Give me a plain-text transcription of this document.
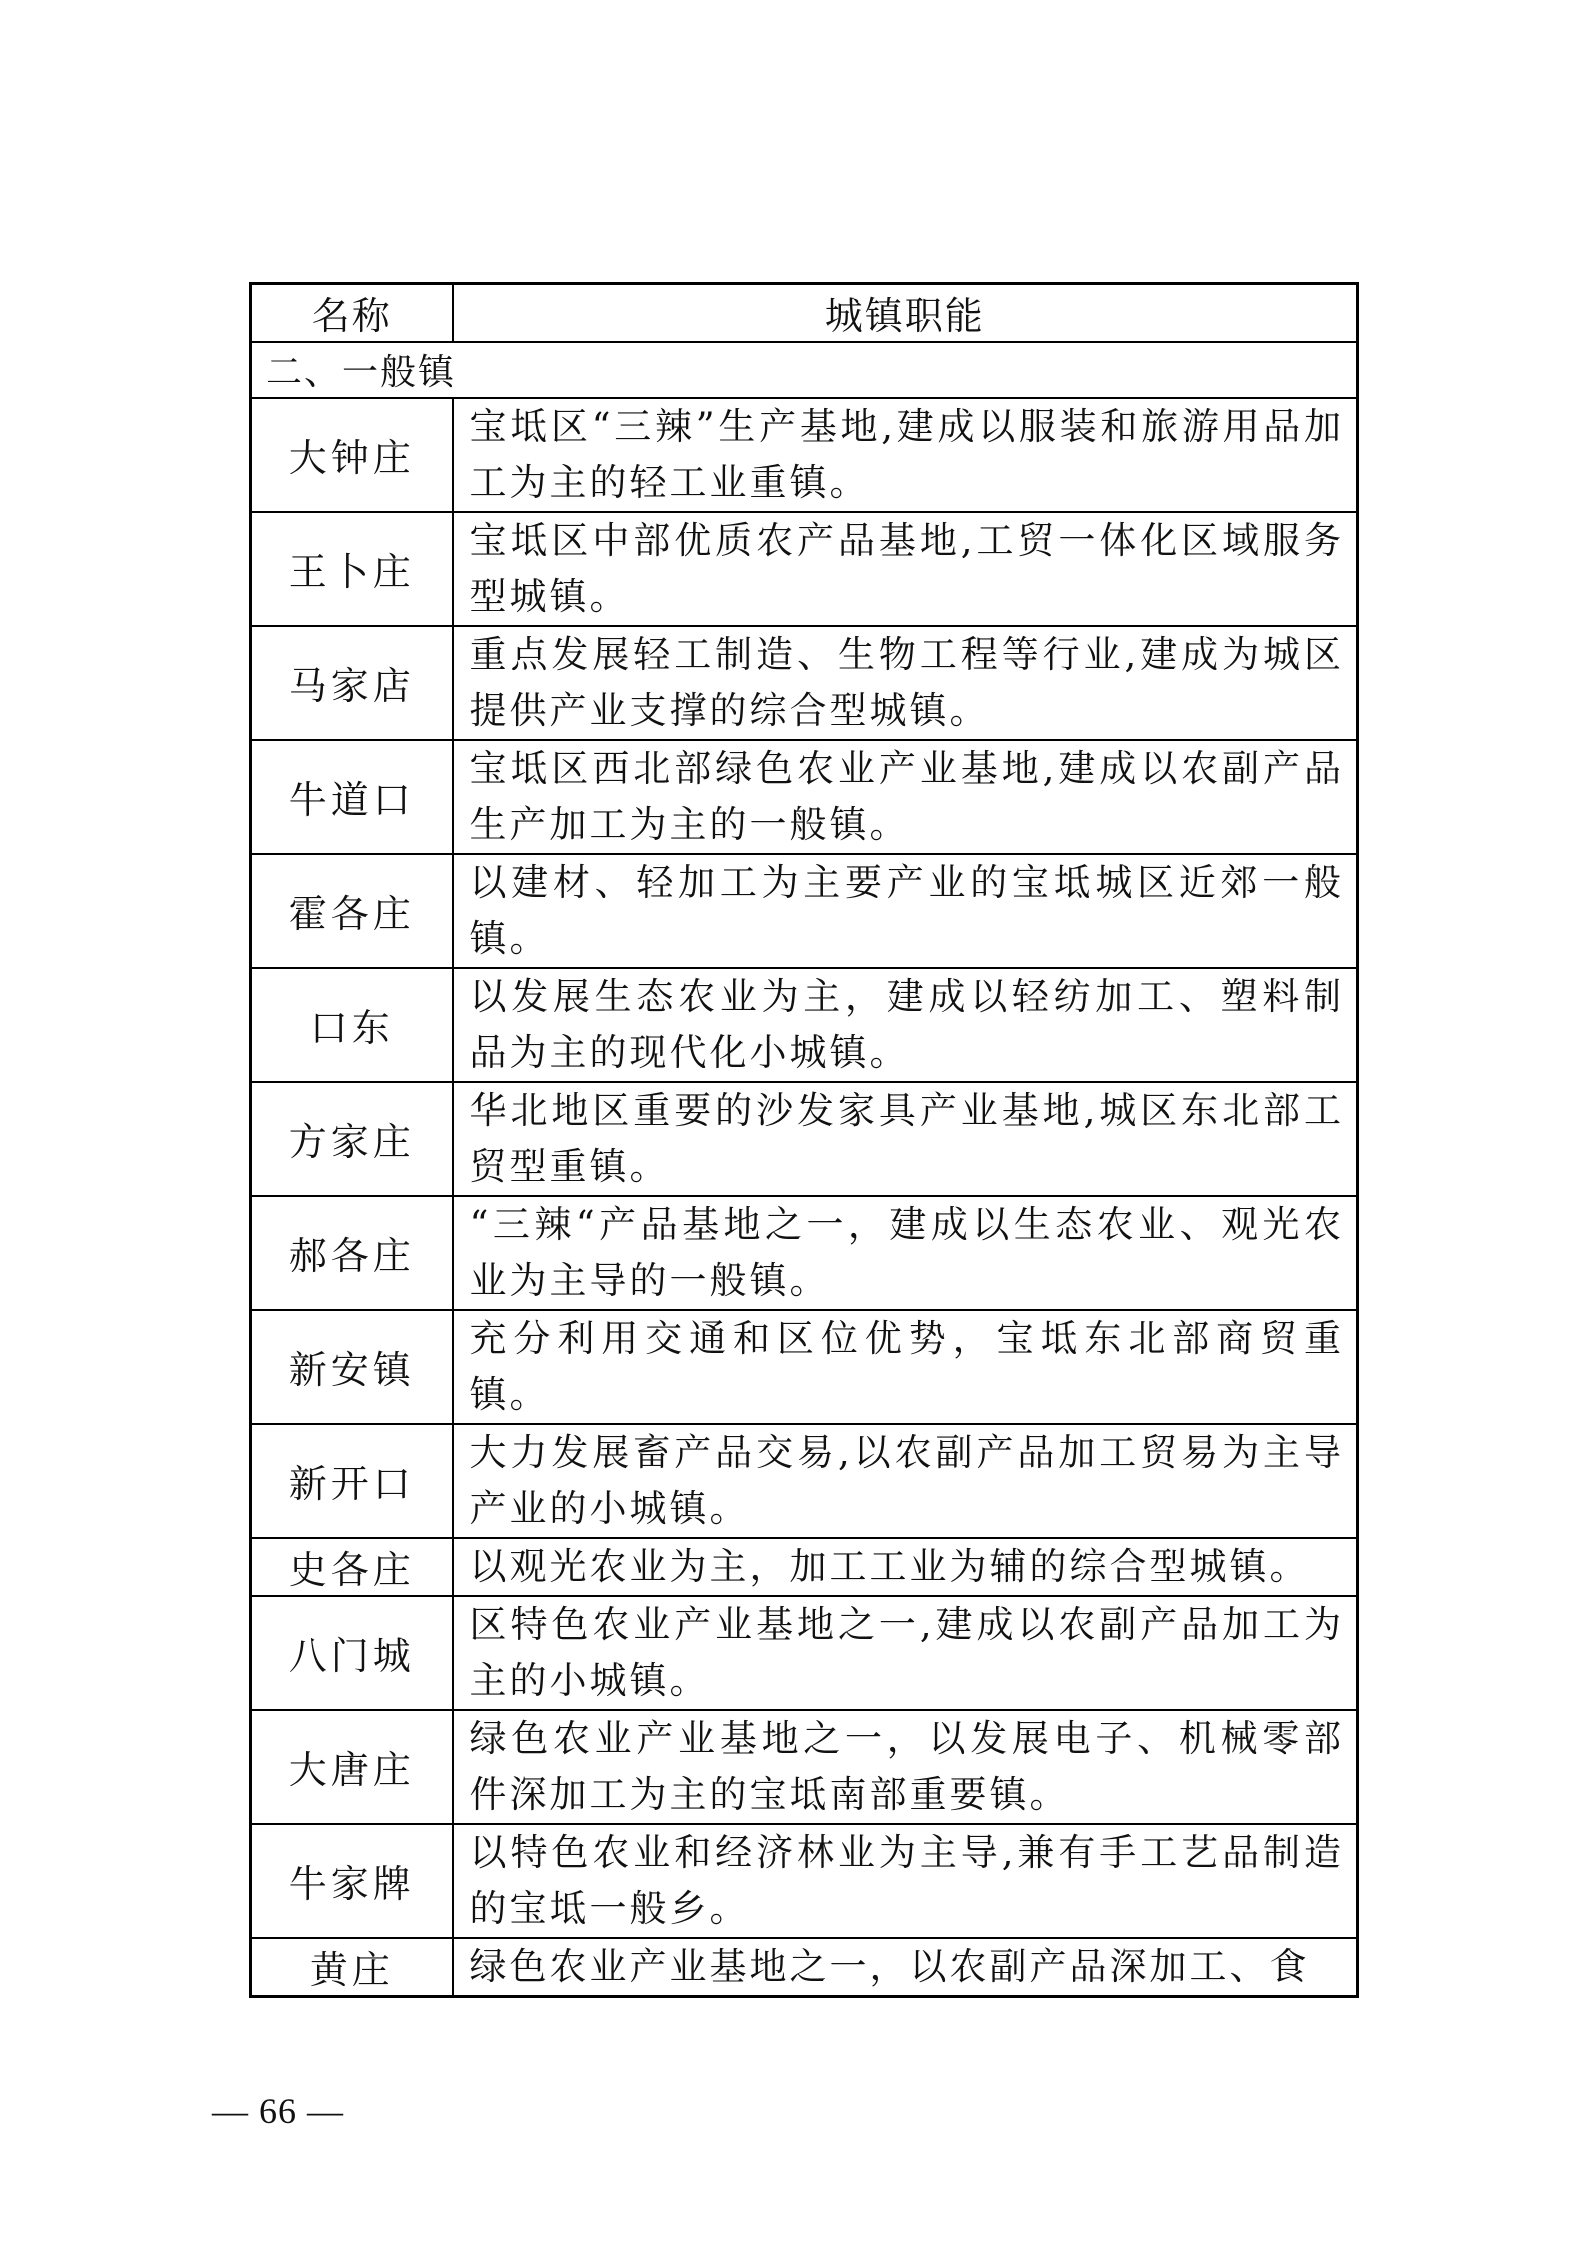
名称	城镇职能
二、一般镇	
大钟庄	宝坻区“三辣”生产基地,建成以服装和旅游用品加工为主的轻工业重镇。
王卜庄	宝坻区中部优质农产品基地,工贸一体化区域服务型城镇。
马家店	重点发展轻工制造、生物工程等行业,建成为城区提供产业支撑的综合型城镇。
牛道口	宝坻区西北部绿色农业产业基地,建成以农副产品生产加工为主的一般镇。
霍各庄	以建材、轻加工为主要产业的宝坻城区近郊一般镇。
口东	以发展生态农业为主，建成以轻纺加工、塑料制品为主的现代化小城镇。
方家庄	华北地区重要的沙发家具产业基地,城区东北部工贸型重镇。
郝各庄	“三辣“产品基地之一，建成以生态农业、观光农业为主导的一般镇。
新安镇	充分利用交通和区位优势，宝坻东北部商贸重镇。
新开口	大力发展畜产品交易,以农副产品加工贸易为主导产业的小城镇。
史各庄	以观光农业为主，加工工业为辅的综合型城镇。
八门城	区特色农业产业基地之一,建成以农副产品加工为主的小城镇。
大唐庄	绿色农业产业基地之一，以发展电子、机械零部件深加工为主的宝坻南部重要镇。
牛家牌	以特色农业和经济林业为主导,兼有手工艺品制造的宝坻一般乡。
黄庄	绿色农业产业基地之一，以农副产品深加工、食
— 66 —
